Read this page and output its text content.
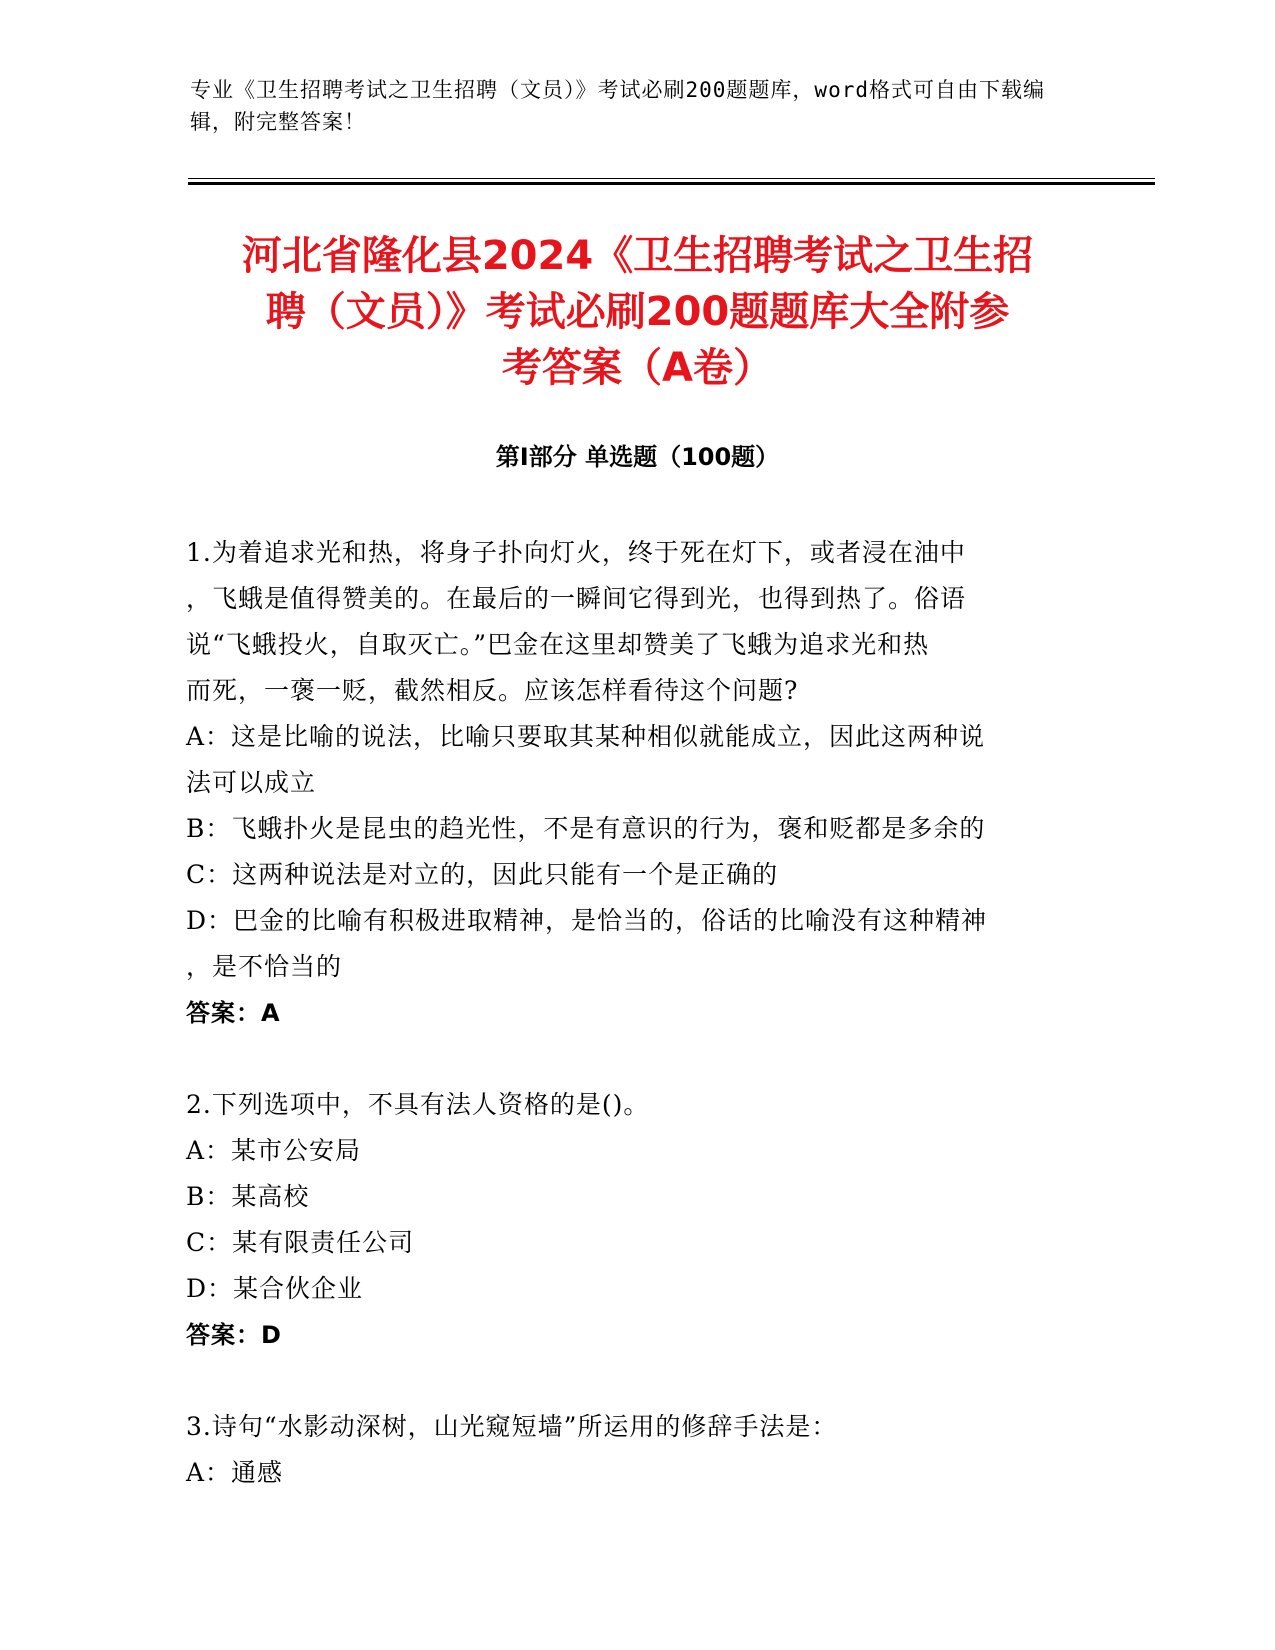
专业《卫生招聘考试之卫生招聘（文员）》考试必刷200题题库，word格式可自由下载编辑，附完整答案！
河北省隆化县2024《卫生招聘考试之卫生招
聘（文员）》考试必刷200题题库大全附参
考答案（A卷）
第Ⅰ部分 单选题（100题）
1.为着追求光和热，将身子扑向灯火，终于死在灯下，或者浸在油中
，飞蛾是值得赞美的。在最后的一瞬间它得到光，也得到热了。俗语
说“飞蛾投火，自取灭亡。”巴金在这里却赞美了飞蛾为追求光和热
而死，一褒一贬，截然相反。应该怎样看待这个问题?
A：这是比喻的说法，比喻只要取其某种相似就能成立，因此这两种说
法可以成立
B：飞蛾扑火是昆虫的趋光性，不是有意识的行为，褒和贬都是多余的
C：这两种说法是对立的，因此只能有一个是正确的
D：巴金的比喻有积极进取精神，是恰当的，俗话的比喻没有这种精神
，是不恰当的
答案：A
2.下列选项中，不具有法人资格的是()。
A：某市公安局
B：某高校
C：某有限责任公司
D：某合伙企业
答案：D
3.诗句“水影动深树，山光窥短墙”所运用的修辞手法是：
A：通感
